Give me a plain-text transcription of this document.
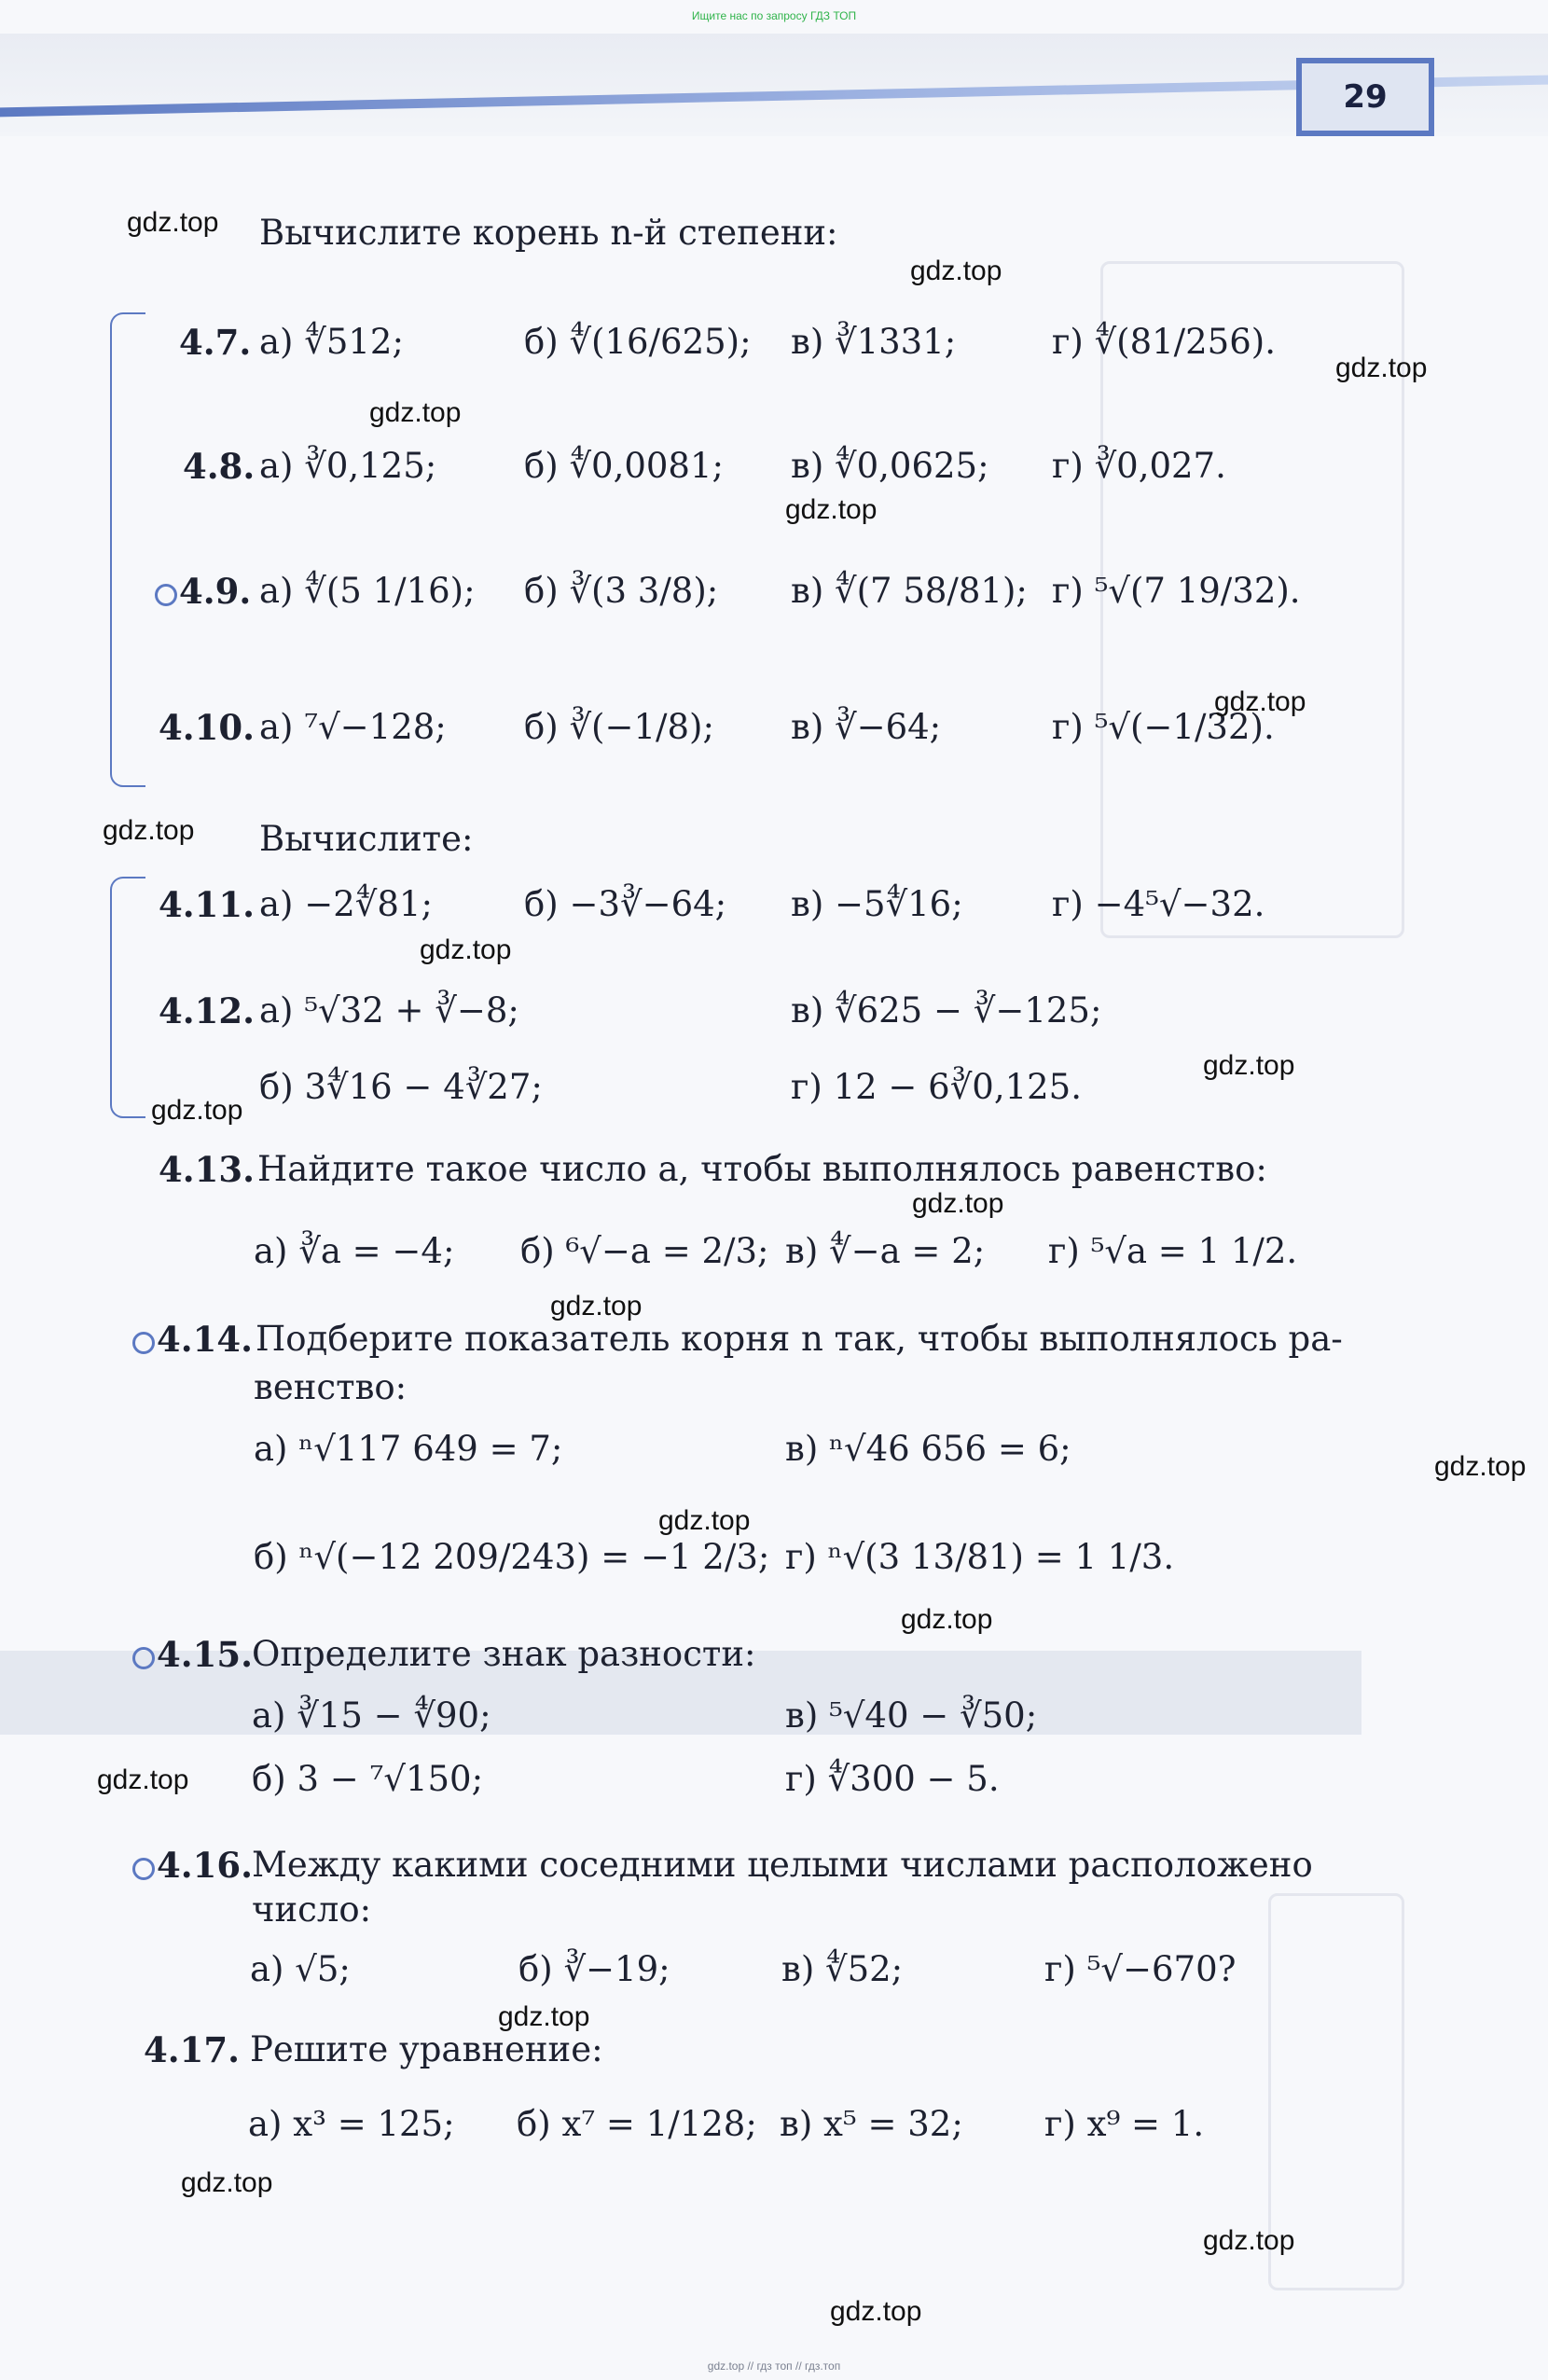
Ищите нас по запросу ГДЗ ТОП
29
Вычислите корень n-й степени:
Вычислите:
4.7. а) ∜512;	б) ∜(16/625); в) ∛1331;	г) ∜(81/256).
4.8. а) ∛0,125;	б) ∜0,0081; в) ∜0,0625; г) ∛0,027.
4.9. а) ∜(5 1/16); б) ∛(3 3/8); в) ∜(7 58/81); г) ⁵√(7 19/32).
4.10. а) ⁷√−128; б) ∛(−1/8); в) ∛−64;	г) ⁵√(−1/32).
4.11. а) −2∜81;	б) −3∛−64; в) −5∜16;	г) −4⁵√−32.
4.12. а) ⁵√32 + ∛−8;	в) ∜625 − ∛−125;
б) 3∜16 − 4∛27;	г) 12 − 6∛0,125.
4.13. Найдите такое число a, чтобы выполнялось равенство:
а) ∛a = −4; б) ⁶√−a = 2/3; в) ∜−a = 2; г) ⁵√a = 1 1/2.
4.14. Подберите показатель корня n так, чтобы выполнялось ра-
венство:
а) ⁿ√117 649 = 7;	в) ⁿ√46 656 = 6;
б) ⁿ√(−12 209/243) = −1 2/3; г) ⁿ√(3 13/81) = 1 1/3.
4.15. Определите знак разности:
а) ∛15 − ∜90;	в) ⁵√40 − ∛50;
б) 3 − ⁷√150;	г) ∜300 − 5.
4.16. Между какими соседними целыми числами расположено
число:
а) √5;	б) ∛−19;	в) ∜52;	г) ⁵√−670?
4.17. Решите уравнение:
а) x³ = 125; б) x⁷ = 1/128; в) x⁵ = 32; г) x⁹ = 1.
gdz.top
gdz.top
gdz.top
gdz.top
gdz.top
gdz.top
gdz.top
gdz.top
gdz.top
gdz.top
gdz.top
gdz.top
gdz.top
gdz.top
gdz.top
gdz.top
gdz.top
gdz.top
gdz.top
gdz.top
gdz.top // гдз топ // гдз.топ
